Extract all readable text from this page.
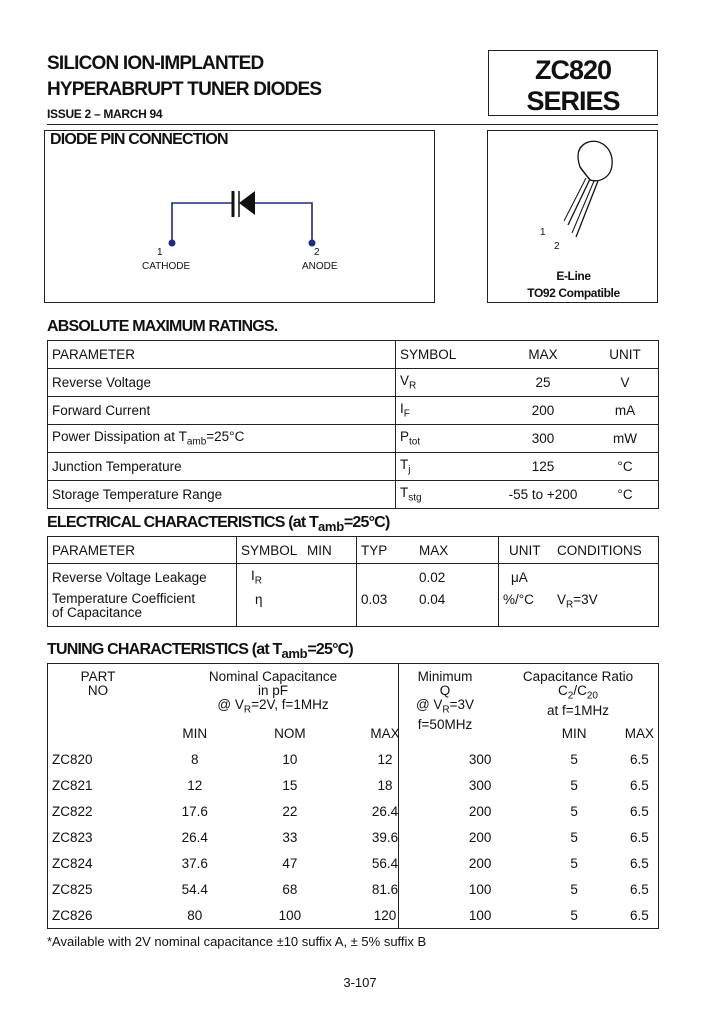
SILICON ION-IMPLANTED
HYPERABRUPT TUNER DIODES
ISSUE 2 – MARCH 94
ZC820
SERIES
DIODE PIN CONNECTION
1
CATHODE
2
ANODE
1
2
E-Line
TO92 Compatible
ABSOLUTE MAXIMUM RATINGS.
PARAMETER	SYMBOL	MAX	UNIT
Reverse Voltage	$V_R$	25	V
Forward Current	$I_F$	200	mA
Power Dissipation at $T_{amb}=25^\circ C$	$P_{tot}$	300	mW
Junction Temperature	$T_j$	125	°C
Storage Temperature Range	$T_{stg}$	-55 to +200	°C
ELECTRICAL CHARACTERISTICS (at $T_{amb}=25^\circ C$)
PARAMETER	SYMBOL	MIN	TYP	MAX	UNIT	CONDITIONS
Reverse Voltage Leakage	$I_R$			0.02	μA	

Temperature Coefficient
of Capacitance	η		0.03	0.04	%/°C	$V_R=3V$
TUNING CHARACTERISTICS (at $T_{amb}=25^\circ C$)
PART
NO
Nominal Capacitance
in pF
@ $V_R=2V$, f=1MHz
Minimum
Q
@ $V_R=3V$
f=50MHz
Capacitance Ratio
$C_2/C_{20}$
at f=1MHz
	MIN	NOM	MAX		MIN	MAX
ZC820	8	10	12	300	5	6.5
ZC821	12	15	18	300	5	6.5
ZC822	17.6	22	26.4	200	5	6.5
ZC823	26.4	33	39.6	200	5	6.5
ZC824	37.6	47	56.4	200	5	6.5
ZC825	54.4	68	81.6	100	5	6.5
ZC826	80	100	120	100	5	6.5
*Available with 2V nominal capacitance ±10 suffix A, ± 5% suffix B
3-107
